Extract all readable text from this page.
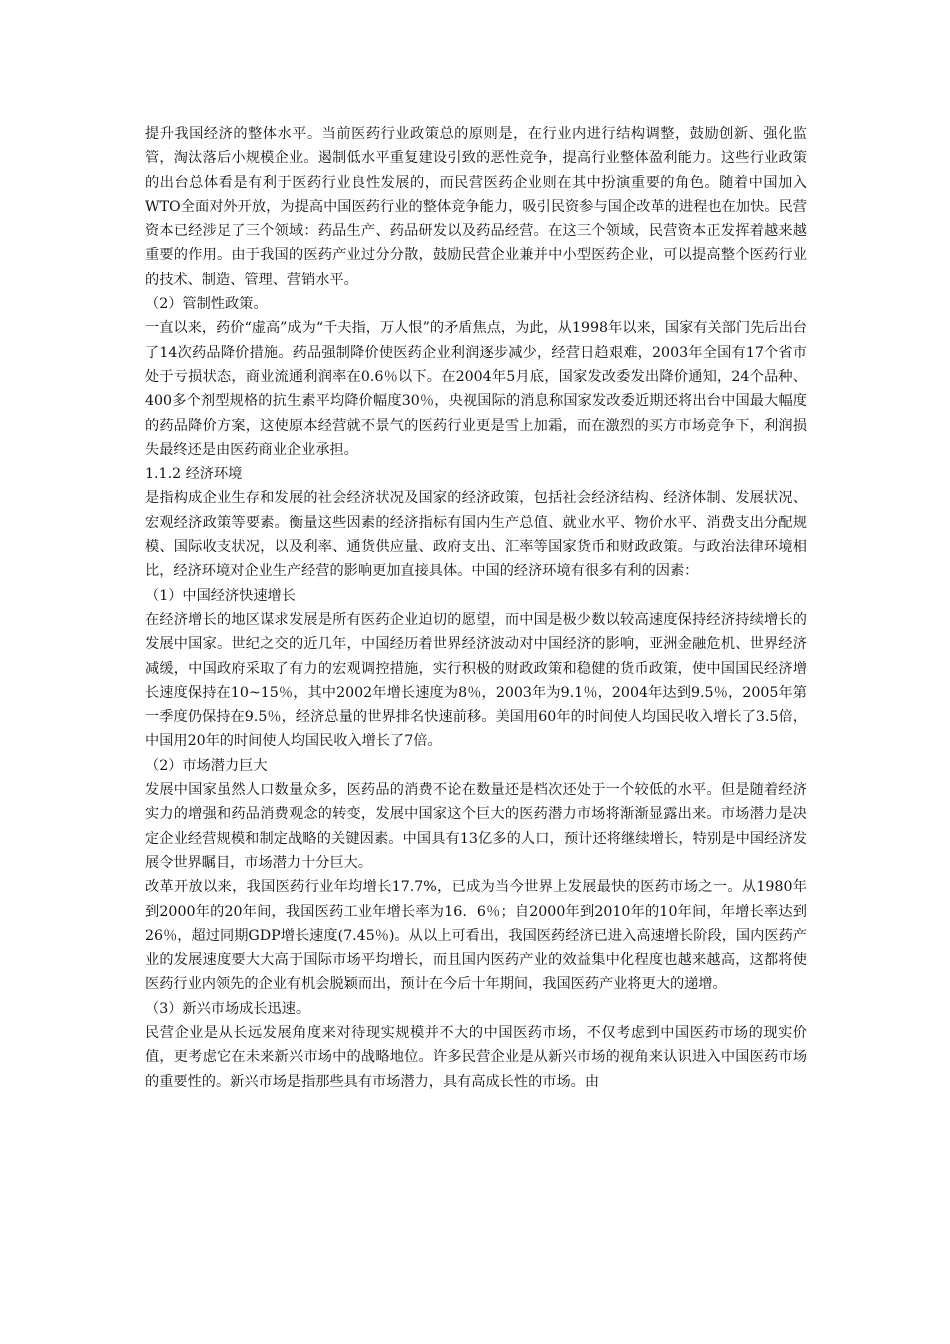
提升我国经济的整体水平。当前医药行业政策总的原则是，在行业内进行结构调整，鼓励创新、强化监管，淘汰落后小规模企业。遏制低水平重复建设引致的恶性竞争，提高行业整体盈利能力。这些行业政策的出台总体看是有利于医药行业良性发展的，而民营医药企业则在其中扮演重要的角色。随着中国加入WTO全面对外开放，为提高中国医药行业的整体竞争能力，吸引民资参与国企改革的进程也在加快。民营资本已经涉足了三个领域：药品生产、药品研发以及药品经营。在这三个领域，民营资本正发挥着越来越重要的作用。由于我国的医药产业过分分散，鼓励民营企业兼并中小型医药企业，可以提高整个医药行业的技术、制造、管理、营销水平。

（2）管制性政策。

一直以来，药价“虚高”成为“千夫指，万人恨”的矛盾焦点，为此，从1998年以来，国家有关部门先后出台了14次药品降价措施。药品强制降价使医药企业利润逐步减少，经营日趋艰难，2003年全国有17个省市处于亏损状态，商业流通利润率在0.6％以下。在2004年5月底，国家发改委发出降价通知，24个品种、400多个剂型规格的抗生素平均降价幅度30％，央视国际的消息称国家发改委近期还将出台中国最大幅度的药品降价方案，这使原本经营就不景气的医药行业更是雪上加霜，而在激烈的买方市场竞争下，利润损失最终还是由医药商业企业承担。

1.1.2 经济环境

是指构成企业生存和发展的社会经济状况及国家的经济政策，包括社会经济结构、经济体制、发展状况、宏观经济政策等要素。衡量这些因素的经济指标有国内生产总值、就业水平、物价水平、消费支出分配规模、国际收支状况，以及利率、通货供应量、政府支出、汇率等国家货币和财政政策。与政治法律环境相比，经济环境对企业生产经营的影响更加直接具体。中国的经济环境有很多有利的因素：

（1）中国经济快速增长

在经济增长的地区谋求发展是所有医药企业迫切的愿望，而中国是极少数以较高速度保持经济持续增长的发展中国家。世纪之交的近几年，中国经历着世界经济波动对中国经济的影响，亚洲金融危机、世界经济减缓，中国政府采取了有力的宏观调控措施，实行积极的财政政策和稳健的货币政策，使中国国民经济增长速度保持在10~15％，其中2002年增长速度为8％，2003年为9.1％，2004年达到9.5％，2005年第一季度仍保持在9.5％，经济总量的世界排名快速前移。美国用60年的时间使人均国民收入增长了3.5倍，中国用20年的时间使人均国民收入增长了7倍。

（2）市场潜力巨大

发展中国家虽然人口数量众多，医药品的消费不论在数量还是档次还处于一个较低的水平。但是随着经济实力的增强和药品消费观念的转变，发展中国家这个巨大的医药潜力市场将渐渐显露出来。市场潜力是决定企业经营规模和制定战略的关键因素。中国具有13亿多的人口，预计还将继续增长，特别是中国经济发展令世界瞩目，市场潜力十分巨大。

改革开放以来，我国医药行业年均增长17.7%，已成为当今世界上发展最快的医药市场之一。从1980年到2000年的20年间，我国医药工业年增长率为16．6％；自2000年到2010年的10年间，年增长率达到26％，超过同期GDP增长速度(7.45％)。从以上可看出，我国医药经济已进入高速增长阶段，国内医药产业的发展速度要大大高于国际市场平均增长，而且国内医药产业的效益集中化程度也越来越高，这都将使医药行业内领先的企业有机会脱颖而出，预计在今后十年期间，我国医药产业将更大的递增。

（3）新兴市场成长迅速。

民营企业是从长远发展角度来对待现实规模并不大的中国医药市场，不仅考虑到中国医药市场的现实价值，更考虑它在未来新兴市场中的战略地位。许多民营企业是从新兴市场的视角来认识进入中国医药市场的重要性的。新兴市场是指那些具有市场潜力，具有高成长性的市场。由
